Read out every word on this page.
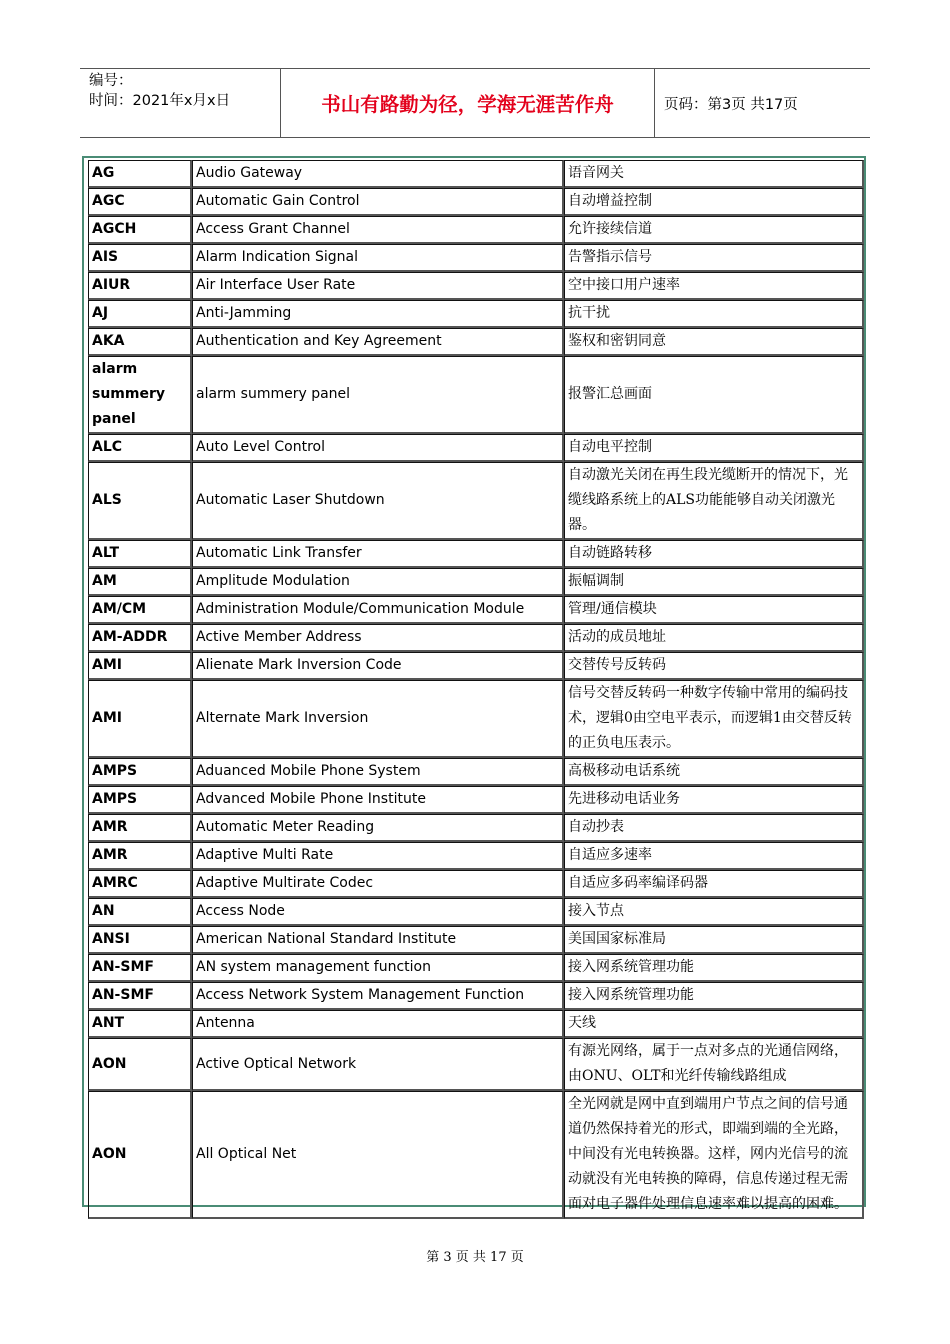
编号：
时间：2021年x月x日	书山有路勤为径，学海无涯苦作舟	页码：第3页 共17页
AG	Audio Gateway	语音网关
AGC	Automatic Gain Control	自动增益控制
AGCH	Access Grant Channel	允许接续信道
AIS	Alarm Indication Signal	告警指示信号
AIUR	Air Interface User Rate	空中接口用户速率
AJ	Anti-Jamming	抗干扰
AKA	Authentication and Key Agreement	鉴权和密钥同意
alarm summery panel	alarm summery panel	报警汇总画面
ALC	Auto Level Control	自动电平控制
ALS	Automatic Laser Shutdown	自动激光关闭在再生段光缆断开的情况下，光缆线路系统上的ALS功能能够自动关闭激光器。
ALT	Automatic Link Transfer	自动链路转移
AM	Amplitude Modulation	振幅调制
AM/CM	Administration Module/Communication Module	管理/通信模块
AM-ADDR	Active Member Address	活动的成员地址
AMI	Alienate Mark Inversion Code	交替传号反转码
AMI	Alternate Mark Inversion	信号交替反转码一种数字传输中常用的编码技术，逻辑0由空电平表示，而逻辑1由交替反转的正负电压表示。
AMPS	Aduanced Mobile Phone System	高极移动电话系统
AMPS	Advanced Mobile Phone Institute	先进移动电话业务
AMR	Automatic Meter Reading	自动抄表
AMR	Adaptive Multi Rate	自适应多速率
AMRC	Adaptive Multirate Codec	自适应多码率编译码器
AN	Access Node	接入节点
ANSI	American National Standard Institute	美国国家标准局
AN-SMF	AN system management function	接入网系统管理功能
AN-SMF	Access Network System Management Function	接入网系统管理功能
ANT	Antenna	天线
AON	Active Optical Network	有源光网络，属于一点对多点的光通信网络，由ONU、OLT和光纤传输线路组成
AON	All Optical Net	全光网就是网中直到端用户节点之间的信号通道仍然保持着光的形式，即端到端的全光路，中间没有光电转换器。这样，网内光信号的流动就没有光电转换的障碍，信息传递过程无需面对电子器件处理信息速率难以提高的困难。
第 3 页 共 17 页
